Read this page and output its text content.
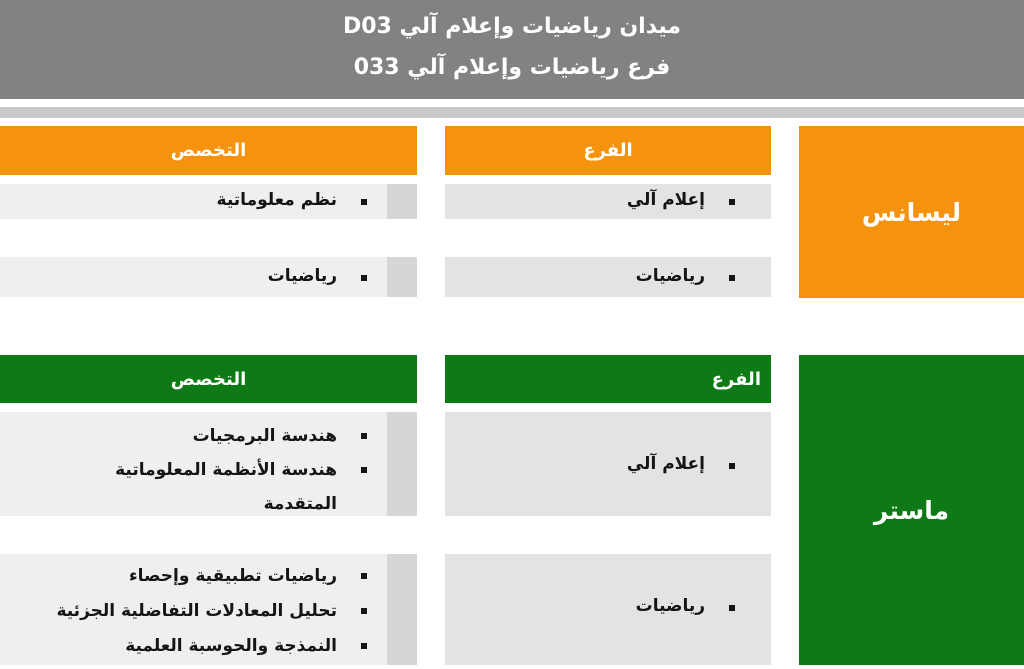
ميدان رياضيات وإعلام آلي D03
فرع رياضيات وإعلام آلي 033
ليسانس
الفرع
التخصص
إعلام آلي
نظم معلوماتية
رياضيات
رياضيات
ماستر
الفرع
التخصص
إعلام آلي
هندسة البرمجيات
هندسة الأنظمة المعلوماتية
المتقدمة
رياضيات
رياضيات تطبيقية وإحصاء
تحليل المعادلات التفاضلية الجزئية
النمذجة والحوسبة العلمية
